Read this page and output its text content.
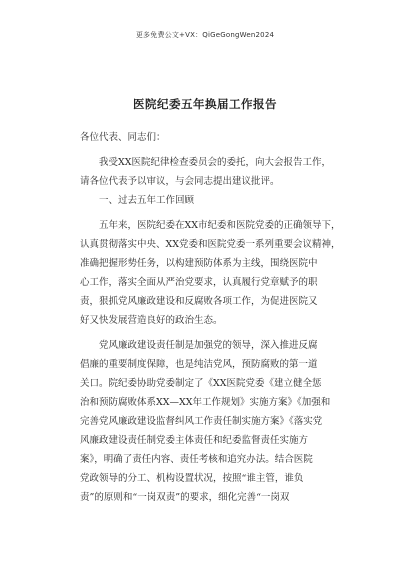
更多免费公文+VX：QiGeGongWen2024
医院纪委五年换届工作报告
各位代表、同志们：
　　我受XX医院纪律检查委员会的委托，向大会报告工作，
请各位代表予以审议，与会同志提出建议批评。
　　一、过去五年工作回顾
　　五年来，医院纪委在XX市纪委和医院党委的正确领导下，
认真贯彻落实中央、XX党委和医院党委一系列重要会议精神，
准确把握形势任务，以构建预防体系为主线，围绕医院中
心工作，落实全面从严治党要求，认真履行党章赋予的职
责，狠抓党风廉政建设和反腐败各项工作，为促进医院又
好又快发展营造良好的政治生态。
　　党风廉政建设责任制是加强党的领导，深入推进反腐
倡廉的重要制度保障，也是纯洁党风，预防腐败的第一道
关口。院纪委协助党委制定了《XX医院党委《建立健全惩
治和预防腐败体系XX—XX年工作规划》实施方案》《加强和
完善党风廉政建设监督纠风工作责任制实施方案》《落实党
风廉政建设责任制党委主体责任和纪委监督责任实施方
案》，明确了责任内容、责任考核和追究办法。结合医院
党政领导的分工、机构设置状况，按照“谁主管，谁负
责”的原则和“一岗双责”的要求，细化完善“一岗双
